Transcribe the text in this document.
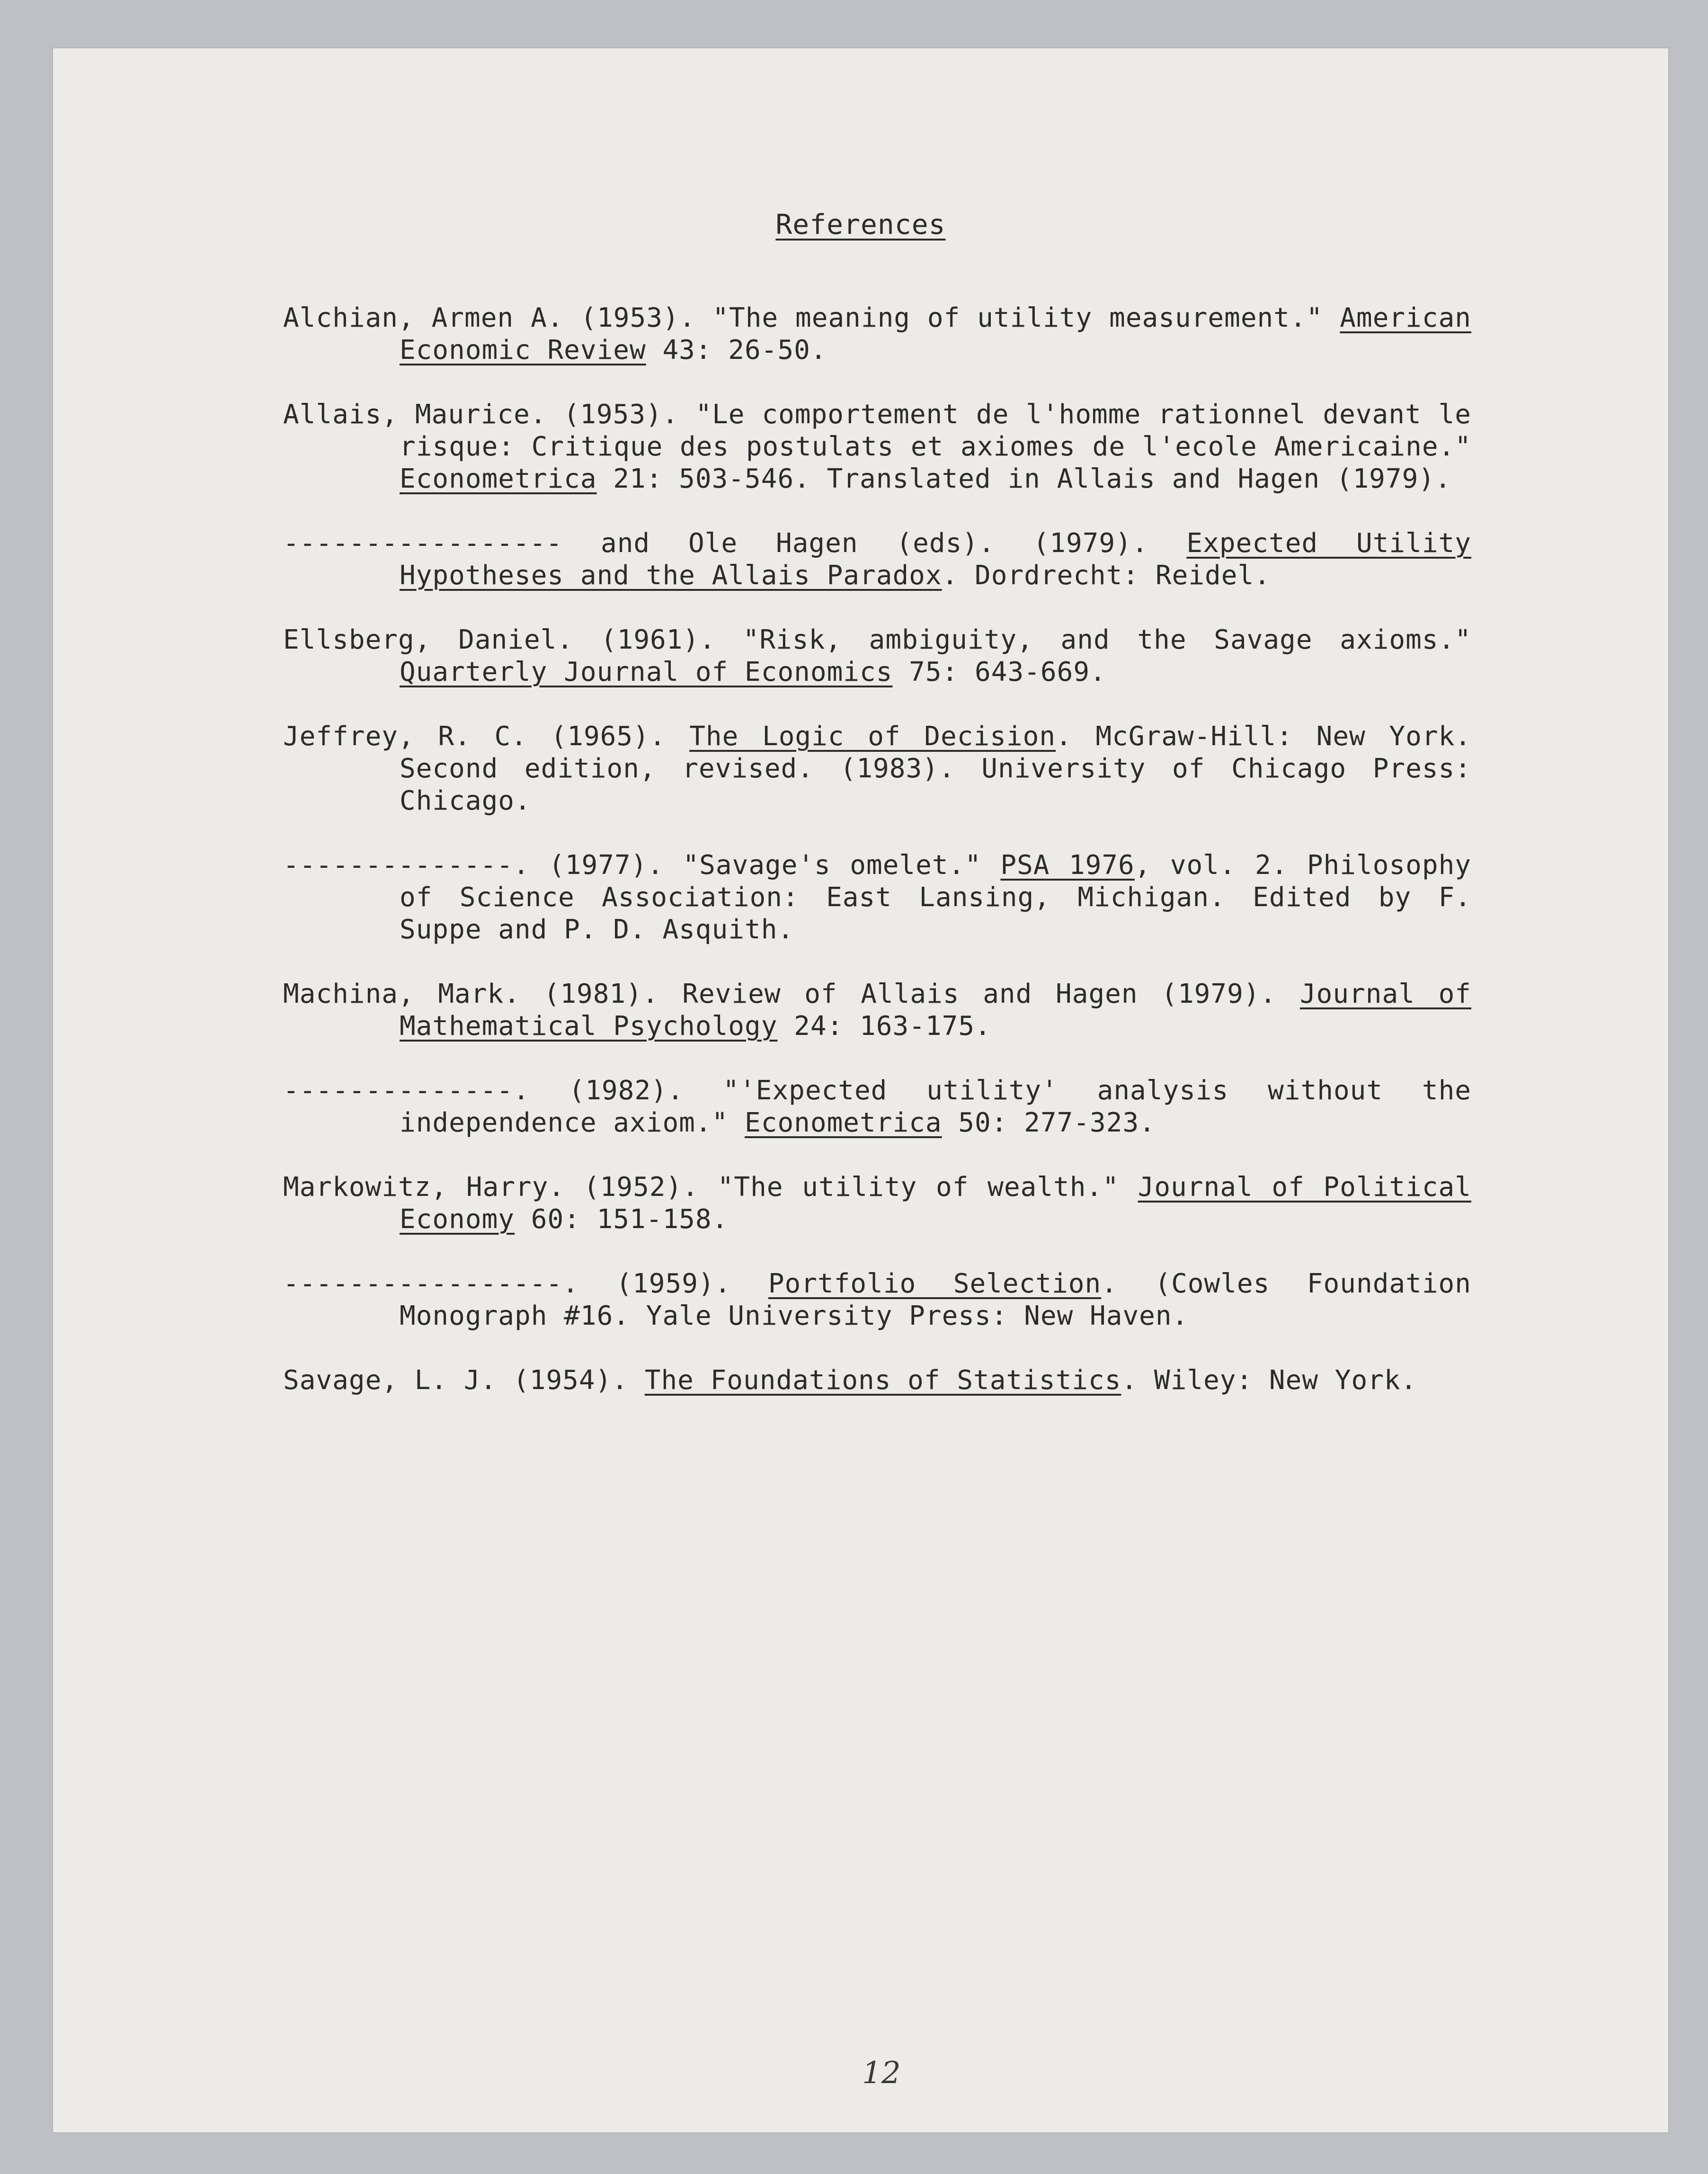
References

Alchian, Armen A. (1953). "The meaning of utility measurement." American Economic Review 43: 26-50.

Allais, Maurice. (1953). "Le comportement de l'homme rationnel devant le risque: Critique des postulats et axiomes de l'ecole Americaine." Econometrica 21: 503-546. Translated in Allais and Hagen (1979).

----------------- and Ole Hagen (eds). (1979). Expected Utility Hypotheses and the Allais Paradox. Dordrecht: Reidel.

Ellsberg, Daniel. (1961). "Risk, ambiguity, and the Savage axioms." Quarterly Journal of Economics 75: 643-669.

Jeffrey, R. C. (1965). The Logic of Decision. McGraw-Hill: New York. Second edition, revised. (1983). University of Chicago Press: Chicago.

--------------. (1977). "Savage's omelet." PSA 1976, vol. 2. Philosophy of Science Association: East Lansing, Michigan. Edited by F. Suppe and P. D. Asquith.

Machina, Mark. (1981). Review of Allais and Hagen (1979). Journal of Mathematical Psychology 24: 163-175.

--------------. (1982). "'Expected utility' analysis without the independence axiom." Econometrica 50: 277-323.

Markowitz, Harry. (1952). "The utility of wealth." Journal of Political Economy 60: 151-158.

-----------------. (1959). Portfolio Selection. (Cowles Foundation Monograph #16. Yale University Press: New Haven.

Savage, L. J. (1954). The Foundations of Statistics. Wiley: New York.

12
